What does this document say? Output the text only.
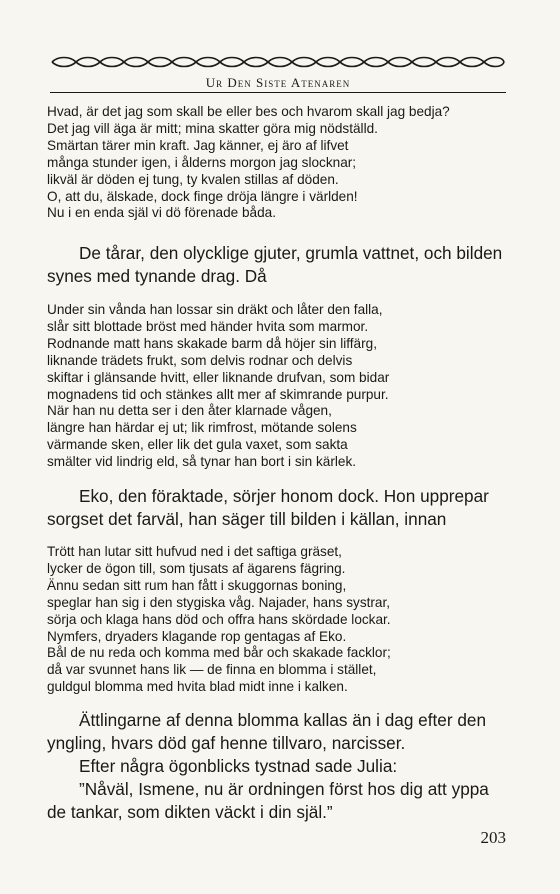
Ur Den Siste Atenaren
Hvad, är det jag som skall be eller bes och hvarom skall jag bedja?
Det jag vill äga är mitt; mina skatter göra mig nödställd.
Smärtan tärer min kraft. Jag känner, ej äro af lifvet
många stunder igen, i ålderns morgon jag slocknar;
likväl är döden ej tung, ty kvalen stillas af döden.
O, att du, älskade, dock finge dröja längre i världen!
Nu i en enda själ vi dö förenade båda.
De tårar, den olycklige gjuter, grumla vattnet, och bilden
synes med tynande drag. Då
Under sin vånda han lossar sin dräkt och låter den falla,
slår sitt blottade bröst med händer hvita som marmor.
Rodnande matt hans skakade barm då höjer sin liffärg,
liknande trädets frukt, som delvis rodnar och delvis
skiftar i glänsande hvitt, eller liknande drufvan, som bidar
mognadens tid och stänkes allt mer af skimrande purpur.
När han nu detta ser i den åter klarnade vågen,
längre han härdar ej ut; lik rimfrost, mötande solens
värmande sken, eller lik det gula vaxet, som sakta
smälter vid lindrig eld, så tynar han bort i sin kärlek.
Eko, den föraktade, sörjer honom dock. Hon upprepar
sorgset det farväl, han säger till bilden i källan, innan
Trött han lutar sitt hufvud ned i det saftiga gräset,
lycker de ögon till, som tjusats af ägarens fägring.
Ännu sedan sitt rum han fått i skuggornas boning,
speglar han sig i den stygiska våg. Najader, hans systrar,
sörja och klaga hans död och offra hans skördade lockar.
Nymfers, dryaders klagande rop gentagas af Eko.
Bål de nu reda och komma med bår och skakade facklor;
då var svunnet hans lik — de finna en blomma i stället,
guldgul blomma med hvita blad midt inne i kalken.
Ättlingarne af denna blomma kallas än i dag efter den
yngling, hvars död gaf henne tillvaro, narcisser.
Efter några ögonblicks tystnad sade Julia:
”Nåväl, Ismene, nu är ordningen först hos dig att yppa
de tankar, som dikten väckt i din själ.”
203
